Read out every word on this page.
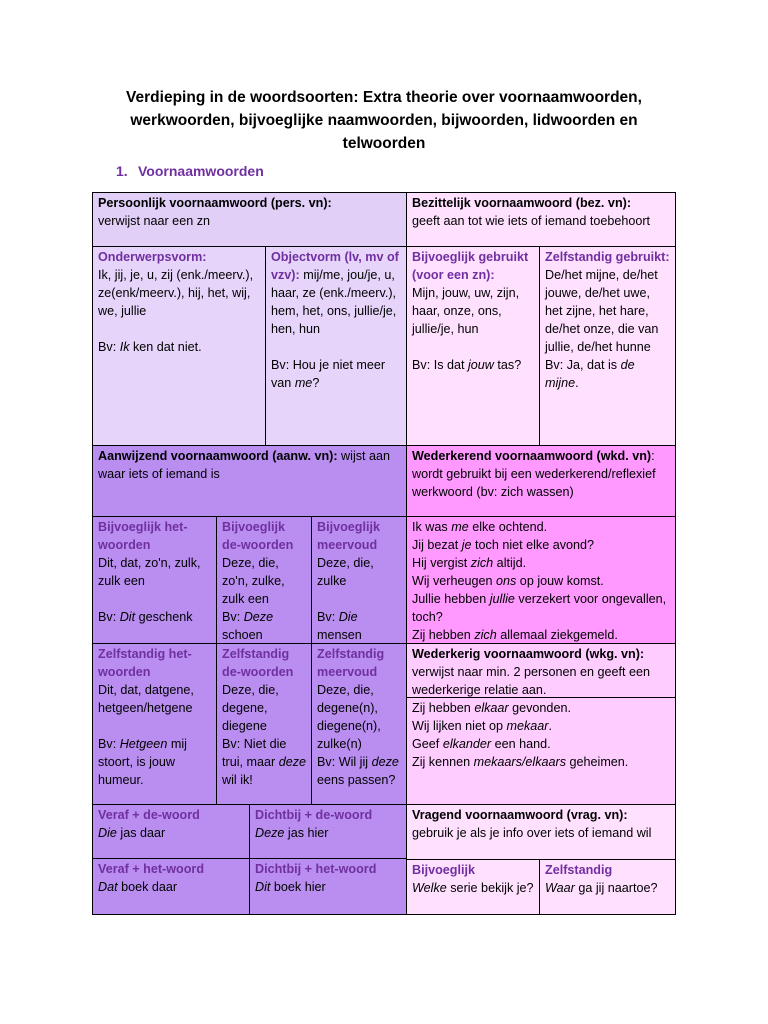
Verdieping in de woordsoorten: Extra theorie over voornaamwoorden, werkwoorden, bijvoeglijke naamwoorden, bijwoorden, lidwoorden en telwoorden
1. Voornaamwoorden

Persoonlijk voornaamwoord (pers. vn):

verwijst naar een zn

Onderwerpsvorm:

Ik, jij, je, u, zij (enk./meerv.), ze(enk/meerv.), hij, het, wij, we, jullie

Bv: Ik ken dat niet.

Objectvorm (lv, mv of vzv): mij/me, jou/je, u, haar, ze (enk./meerv.), hem, het, ons, jullie/je, hen, hun

Bv: Hou je niet meer van me?

Bezittelijk voornaamwoord (bez. vn):

geeft aan tot wie iets of iemand toebehoort

Bijvoeglijk gebruikt (voor een zn):

Mijn, jouw, uw, zijn, haar, onze, ons, jullie/je, hun

Bv: Is dat jouw tas?

Zelfstandig gebruikt:

De/het mijne, de/het jouwe, de/het uwe, het zijne, het hare, de/het onze, die van jullie, de/het hunne

Bv: Ja, dat is de mijne.

Aanwijzend voornaamwoord (aanw. vn): wijst aan waar iets of iemand is

Bijvoeglijk het-woorden

Dit, dat, zo'n, zulk, zulk een

Bv: Dit geschenk

Bijvoeglijk de-woorden

Deze, die, zo'n, zulke, zulk een

Bv: Deze schoen

Bijvoeglijk meervoud

Deze, die, zulke

Bv: Die mensen

Zelfstandig het-woorden

Dit, dat, datgene, hetgeen/hetgene

Bv: Hetgeen mij stoort, is jouw humeur.

Zelfstandig de-woorden

Deze, die, degene, diegene

Bv: Niet die trui, maar deze wil ik!

Zelfstandig meervoud

Deze, die, degene(n), diegene(n), zulke(n)

Bv: Wil jij deze eens passen?

Veraf + de-woord

Die jas daar

Dichtbij + de-woord

Deze jas hier

Veraf + het-woord

Dat boek daar

Dichtbij + het-woord

Dit boek hier

Wederkerend voornaamwoord (wkd. vn): wordt gebruikt bij een wederkerend/reflexief werkwoord (bv: zich wassen)

Ik was me elke ochtend.

Jij bezat je toch niet elke avond?

Hij vergist zich altijd.

Wij verheugen ons op jouw komst.

Jullie hebben jullie verzekert voor ongevallen, toch?

Zij hebben zich allemaal ziekgemeld.

Wederkerig voornaamwoord (wkg. vn):

verwijst naar min. 2 personen en geeft een wederkerige relatie aan.

Zij hebben elkaar gevonden.

Wij lijken niet op mekaar.

Geef elkander een hand.

Zij kennen mekaars/elkaars geheimen.

Vragend voornaamwoord (vrag. vn):

gebruik je als je info over iets of iemand wil

Bijvoeglijk

Welke serie bekijk je?

Zelfstandig

Waar ga jij naartoe?
